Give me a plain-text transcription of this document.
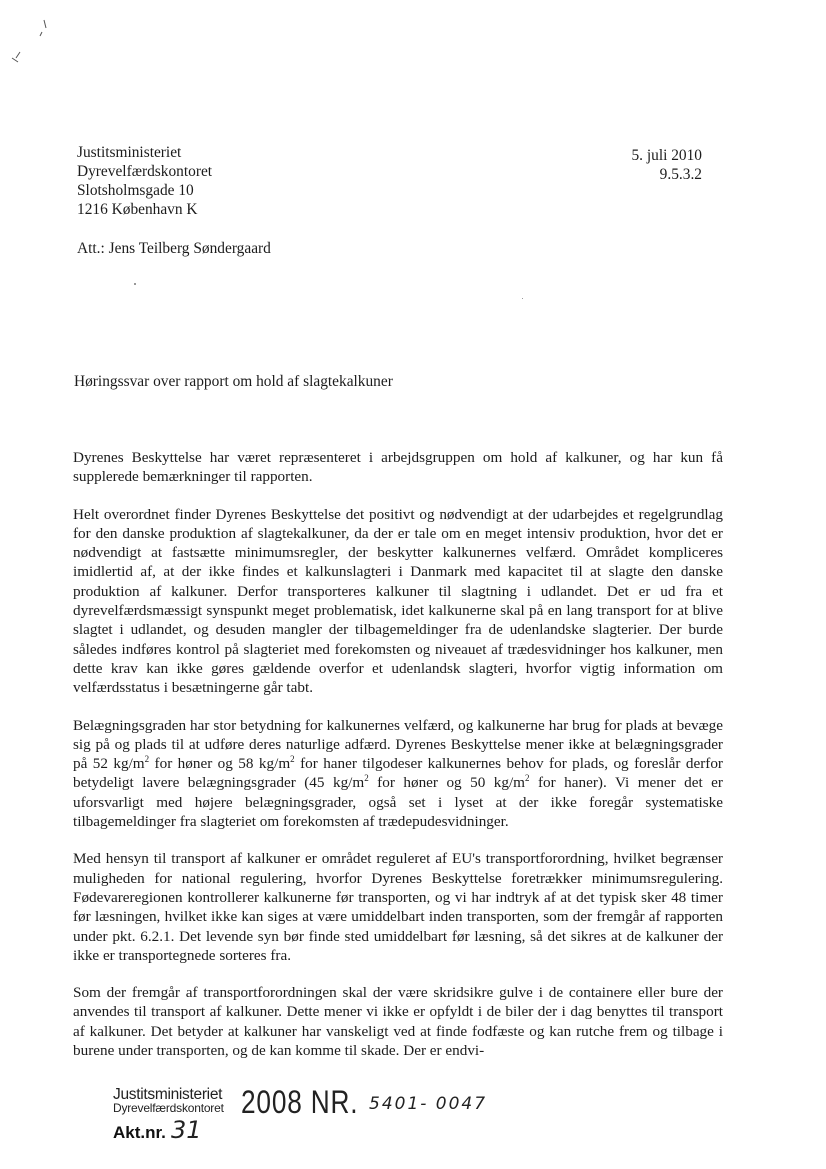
Justitsministeriet
Dyrevelfærdskontoret
Slotsholmsgade 10
1216 København K
5. juli 2010
9.5.3.2
Att.: Jens Teilberg Søndergaard
Høringssvar over rapport om hold af slagtekalkuner

Dyrenes Beskyttelse har været repræsenteret i arbejdsgruppen om hold af kalkuner, og har kun få supplerede bemærkninger til rapporten.

Helt overordnet finder Dyrenes Beskyttelse det positivt og nødvendigt at der udarbejdes et regelgrundlag for den danske produktion af slagtekalkuner, da der er tale om en meget intensiv produktion, hvor det er nødvendigt at fastsætte minimumsregler, der beskytter kalkunernes velfærd. Området kompliceres imidlertid af, at der ikke findes et kalkunslagteri i Danmark med kapacitet til at slagte den danske produktion af kalkuner. Derfor transporteres kalkuner til slagtning i udlandet. Det er ud fra et dyrevelfærdsmæssigt synspunkt meget problematisk, idet kalkunerne skal på en lang transport for at blive slagtet i udlandet, og desuden mangler der tilbagemeldinger fra de udenlandske slagterier. Der burde således indføres kontrol på slagteriet med forekomsten og niveauet af trædesvidninger hos kalkuner, men dette krav kan ikke gøres gældende overfor et udenlandsk slagteri, hvorfor vigtig information om velfærdsstatus i besætningerne går tabt.

Belægningsgraden har stor betydning for kalkunernes velfærd, og kalkunerne har brug for plads at bevæge sig på og plads til at udføre deres naturlige adfærd. Dyrenes Beskyttelse mener ikke at belægningsgrader på 52 $kg/m^2$ for høner og 58 $kg/m^2$ for haner tilgodeser kalkunernes behov for plads, og foreslår derfor betydeligt lavere belægningsgrader (45 $kg/m^2$ for høner og 50 $kg/m^2$ for haner). Vi mener det er uforsvarligt med højere belægningsgrader, også set i lyset at der ikke foregår systematiske tilbagemeldinger fra slagteriet om forekomsten af trædepudesvidninger.

Med hensyn til transport af kalkuner er området reguleret af EU's transportforordning, hvilket begrænser muligheden for national regulering, hvorfor Dyrenes Beskyttelse foretrækker minimumsregulering. Fødevareregionen kontrollerer kalkunerne før transporten, og vi har indtryk af at det typisk sker 48 timer før læsningen, hvilket ikke kan siges at være umiddelbart inden transporten, som der fremgår af rapporten under pkt. 6.2.1. Det levende syn bør finde sted umiddelbart før læsning, så det sikres at de kalkuner der ikke er transportegnede sorteres fra.

Som der fremgår af transportforordningen skal der være skridsikre gulve i de containere eller bure der anvendes til transport af kalkuner. Dette mener vi ikke er opfyldt i de biler der i dag benyttes til transport af kalkuner. Det betyder at kalkuner har vanskeligt ved at finde fodfæste og kan rutche frem og tilbage i burene under transporten, og de kan komme til skade. Der er endvi-

Justitsministeriet
Dyrevelfærdskontoret 2008 NR. 5401- 0047
Akt.nr. 31
